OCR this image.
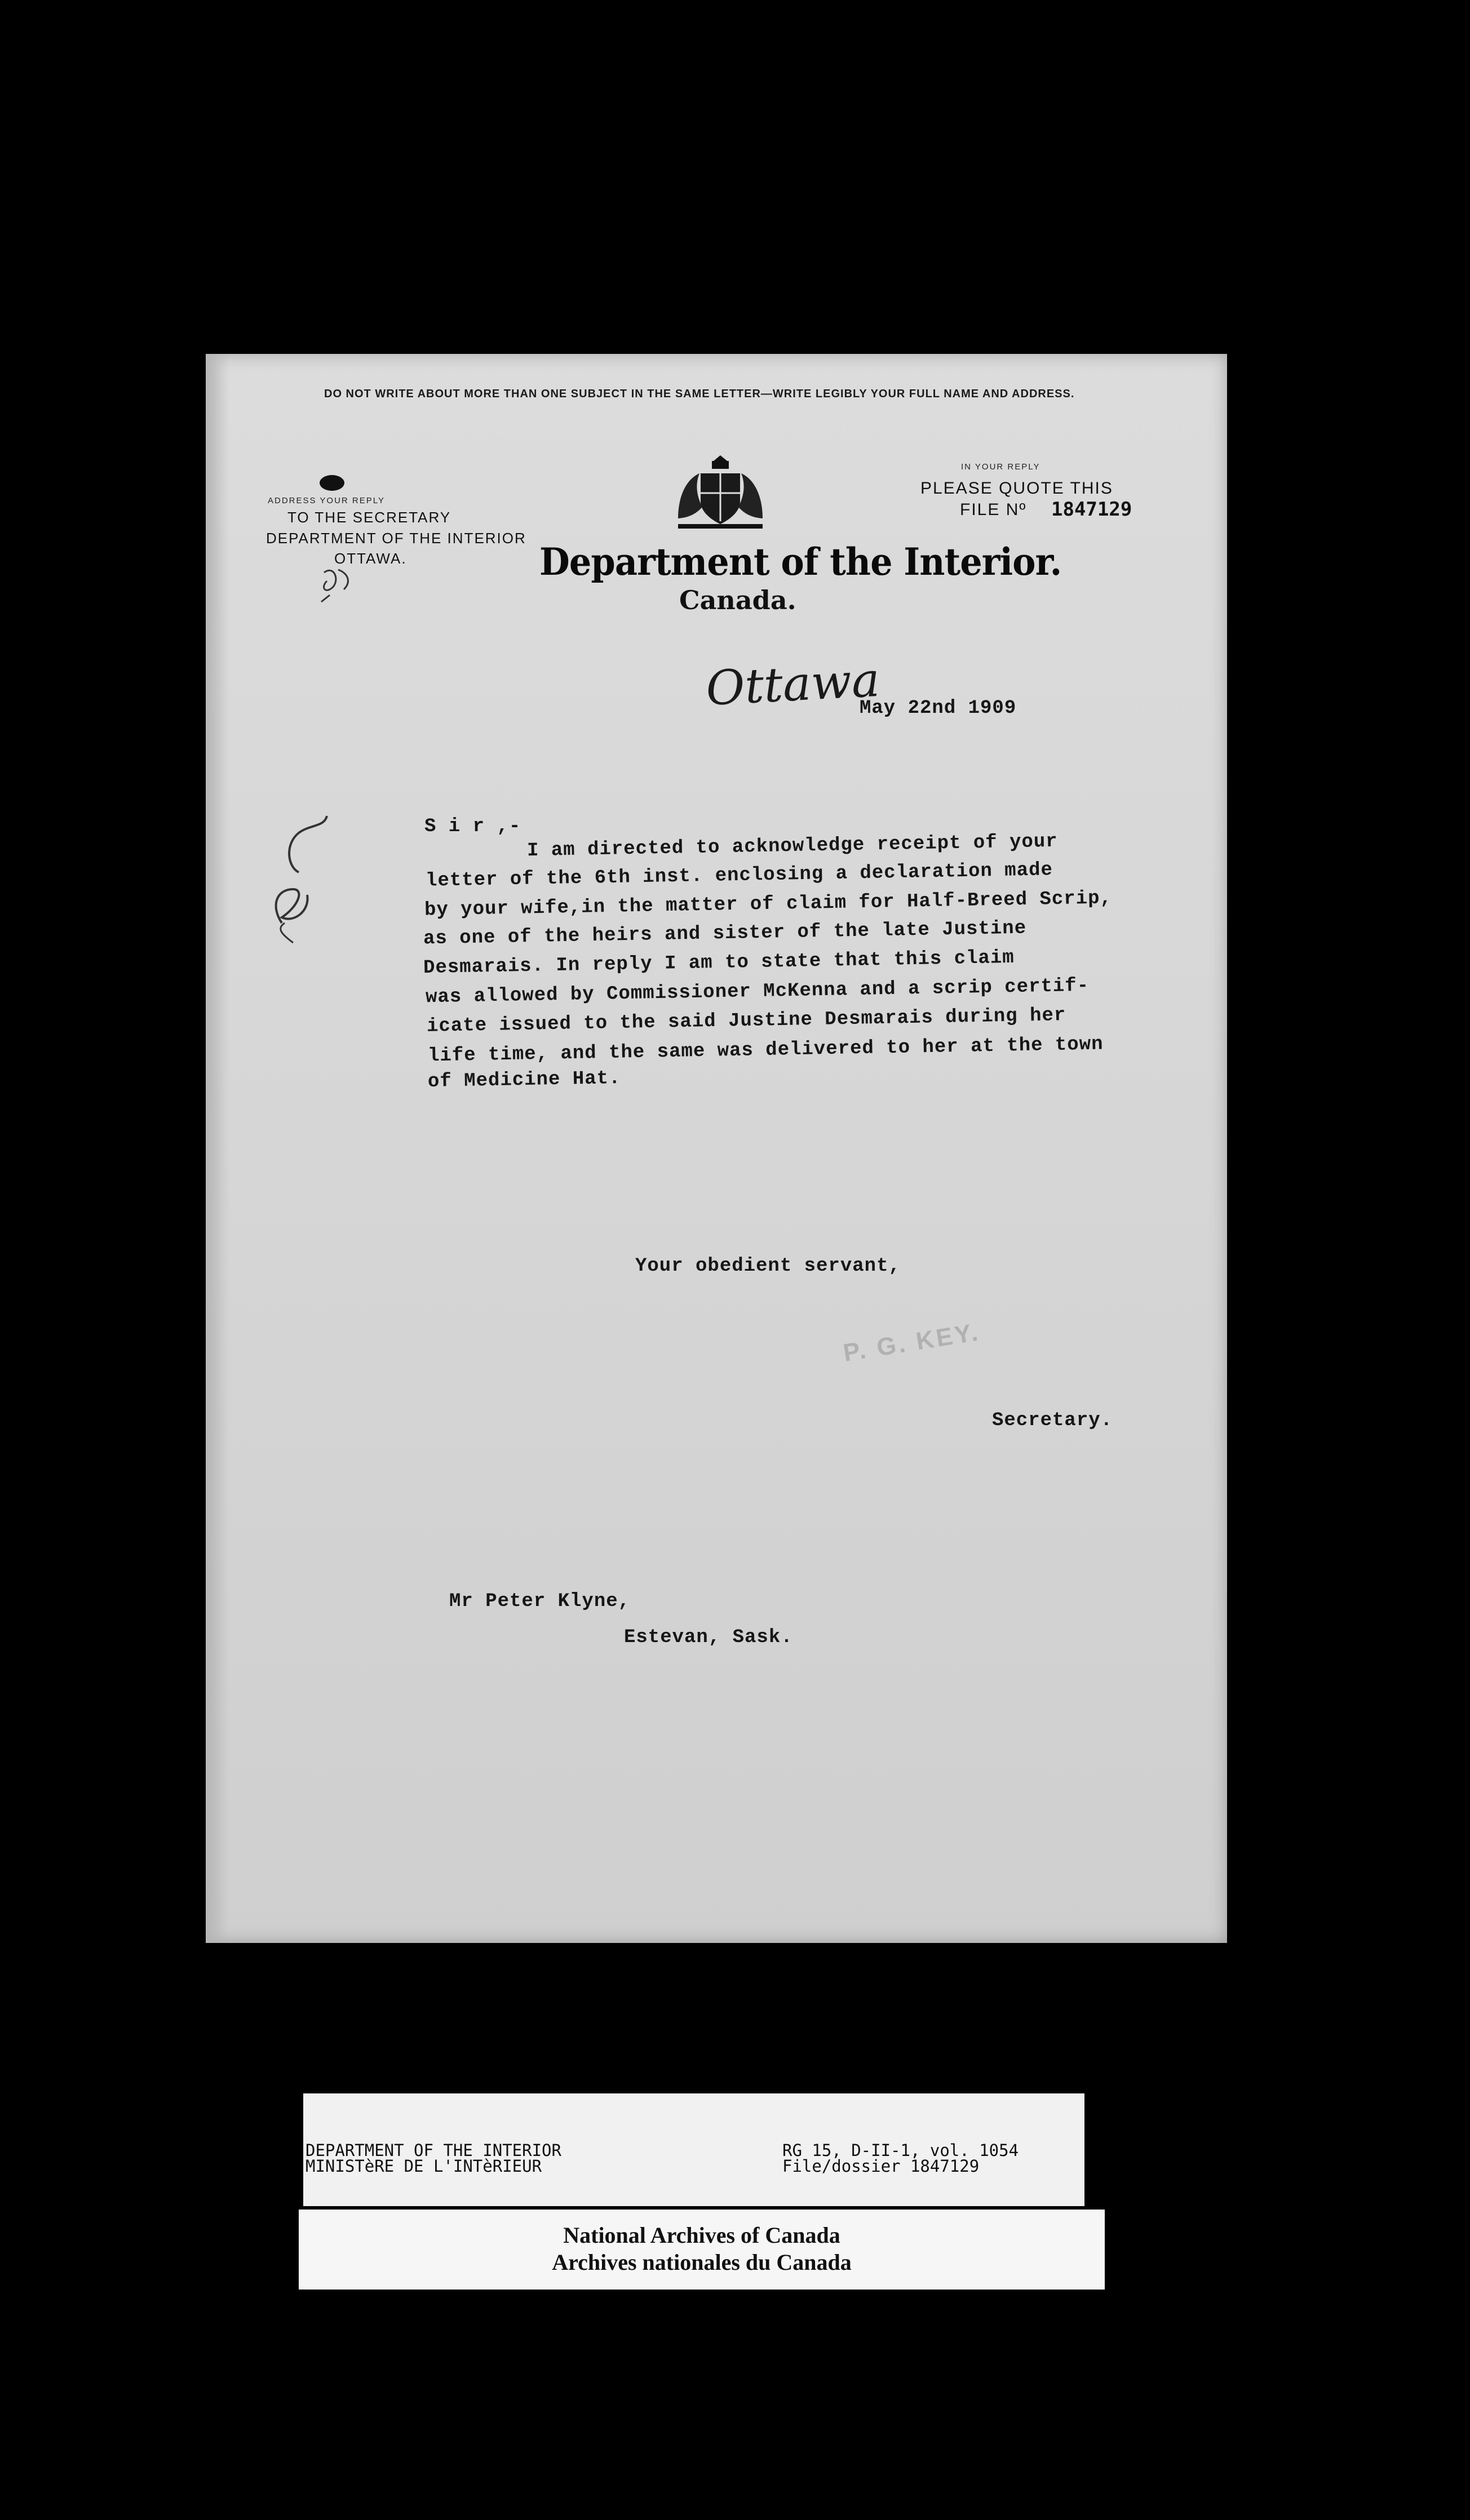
DO NOT WRITE ABOUT MORE THAN ONE SUBJECT IN THE SAME LETTER—WRITE LEGIBLY YOUR FULL NAME AND ADDRESS.

ADDRESS YOUR REPLY

TO THE SECRETARY

DEPARTMENT OF THE INTERIOR

OTTAWA.	Department of the Interior.

Canada.

IN YOUR REPLY

PLEASE QUOTE THIS

FILE Nº 1847129

Ottawa

May 22nd 1909

S i r ,-

I am directed to acknowledge receipt of your
letter of the 6th inst. enclosing a declaration made
by your wife,in the matter of claim for Half-Breed Scrip,
as one of the heirs and sister of the late Justine
Desmarais. In reply I am to state that this claim
was allowed by Commissioner McKenna and a scrip certif-
icate issued to the said Justine Desmarais during her
life time, and the same was delivered to her at the town
of Medicine Hat.

Your obedient servant,

P. G. KEY.

Secretary.

Mr Peter Klyne,

Estevan, Sask.

DEPARTMENT OF THE INTERIOR
MINISTèRE DE L'INTèRIEUR
RG 15, D-II-1, vol. 1054
File/dossier 1847129
National Archives of Canada
Archives nationales du Canada
